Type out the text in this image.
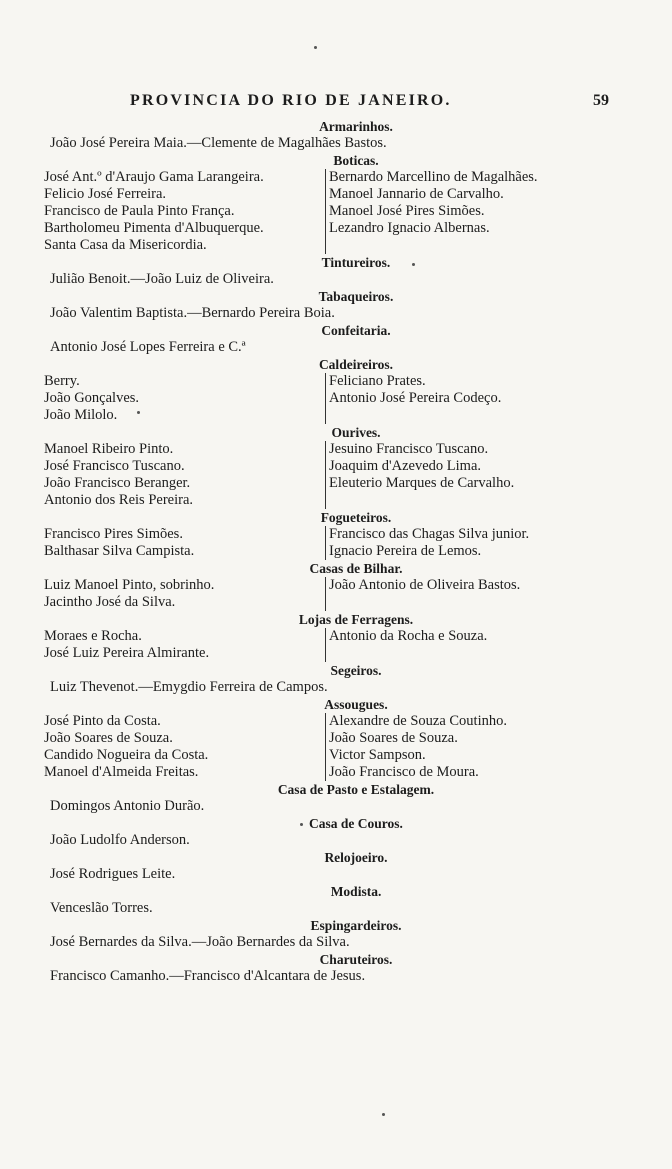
PROVINCIA DO RIO DE JANEIRO.	59
Armarinhos.
João José Pereira Maia.—Clemente de Magalhães Bastos.
Boticas.
José Ant.º d'Araujo Gama Larangeira.
Felicio José Ferreira.
Francisco de Paula Pinto França.
Bartholomeu Pimenta d'Albuquerque.
Santa Casa da Misericordia.
Bernardo Marcellino de Magalhães.
Manoel Jannario de Carvalho.
Manoel José Pires Simões.
Lezandro Ignacio Albernas.
Tintureiros.
Julião Benoit.—João Luiz de Oliveira.
Tabaqueiros.
João Valentim Baptista.—Bernardo Pereira Boia.
Confeitaria.
Antonio José Lopes Ferreira e C.ª
Caldeireiros.
Berry.
João Gonçalves.
João Milolo.
Feliciano Prates.
Antonio José Pereira Codeço.
Ourives.
Manoel Ribeiro Pinto.
José Francisco Tuscano.
João Francisco Beranger.
Antonio dos Reis Pereira.
Jesuino Francisco Tuscano.
Joaquim d'Azevedo Lima.
Eleuterio Marques de Carvalho.
Fogueteiros.
Francisco Pires Simões.
Balthasar Silva Campista.
Francisco das Chagas Silva junior.
Ignacio Pereira de Lemos.
Casas de Bilhar.
Luiz Manoel Pinto, sobrinho.
Jacintho José da Silva.
João Antonio de Oliveira Bastos.
Lojas de Ferragens.
Moraes e Rocha.
José Luiz Pereira Almirante.
Antonio da Rocha e Souza.
Segeiros.
Luiz Thevenot.—Emygdio Ferreira de Campos.
Assougues.
José Pinto da Costa.
João Soares de Souza.
Candido Nogueira da Costa.
Manoel d'Almeida Freitas.
Alexandre de Souza Coutinho.
João Soares de Souza.
Victor Sampson.
João Francisco de Moura.
Casa de Pasto e Estalagem.
Domingos Antonio Durão.
Casa de Couros.
João Ludolfo Anderson.
Relojoeiro.
José Rodrigues Leite.
Modista.
Venceslão Torres.
Espingardeiros.
José Bernardes da Silva.—João Bernardes da Silva.
Charuteiros.
Francisco Camanho.—Francisco d'Alcantara de Jesus.
